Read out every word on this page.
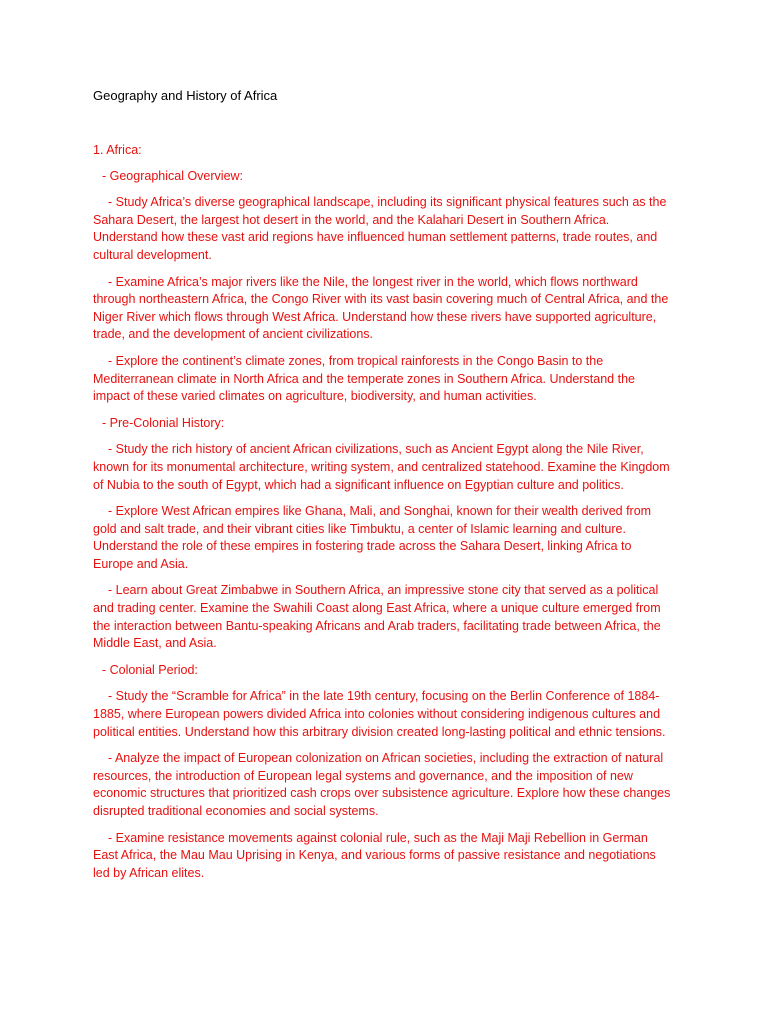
Geography and History of Africa

1. Africa:

- Geographical Overview:

- Study Africa’s diverse geographical landscape, including its significant physical features such as the Sahara Desert, the largest hot desert in the world, and the Kalahari Desert in Southern Africa. Understand how these vast arid regions have influenced human settlement patterns, trade routes, and cultural development.

- Examine Africa’s major rivers like the Nile, the longest river in the world, which flows northward through northeastern Africa, the Congo River with its vast basin covering much of Central Africa, and the Niger River which flows through West Africa. Understand how these rivers have supported agriculture, trade, and the development of ancient civilizations.

- Explore the continent’s climate zones, from tropical rainforests in the Congo Basin to the Mediterranean climate in North Africa and the temperate zones in Southern Africa. Understand the impact of these varied climates on agriculture, biodiversity, and human activities.

- Pre-Colonial History:

- Study the rich history of ancient African civilizations, such as Ancient Egypt along the Nile River, known for its monumental architecture, writing system, and centralized statehood. Examine the Kingdom of Nubia to the south of Egypt, which had a significant influence on Egyptian culture and politics.

- Explore West African empires like Ghana, Mali, and Songhai, known for their wealth derived from gold and salt trade, and their vibrant cities like Timbuktu, a center of Islamic learning and culture. Understand the role of these empires in fostering trade across the Sahara Desert, linking Africa to Europe and Asia.

- Learn about Great Zimbabwe in Southern Africa, an impressive stone city that served as a political and trading center. Examine the Swahili Coast along East Africa, where a unique culture emerged from the interaction between Bantu-speaking Africans and Arab traders, facilitating trade between Africa, the Middle East, and Asia.

- Colonial Period:

- Study the “Scramble for Africa” in the late 19th century, focusing on the Berlin Conference of 1884-1885, where European powers divided Africa into colonies without considering indigenous cultures and political entities. Understand how this arbitrary division created long-lasting political and ethnic tensions.

- Analyze the impact of European colonization on African societies, including the extraction of natural resources, the introduction of European legal systems and governance, and the imposition of new economic structures that prioritized cash crops over subsistence agriculture. Explore how these changes disrupted traditional economies and social systems.

- Examine resistance movements against colonial rule, such as the Maji Maji Rebellion in German East Africa, the Mau Mau Uprising in Kenya, and various forms of passive resistance and negotiations led by African elites.
